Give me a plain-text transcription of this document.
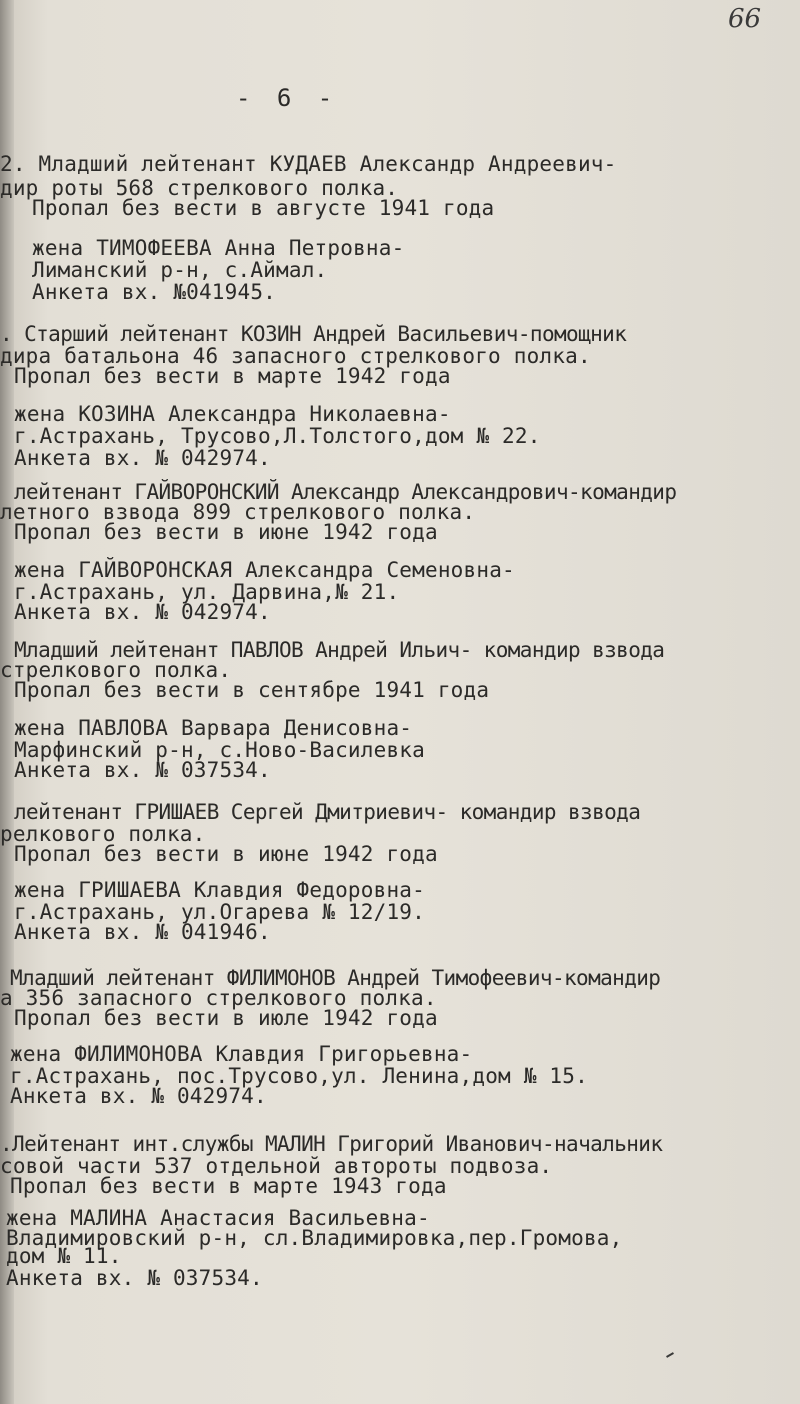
66
- 6 -
2. Младший лейтенант КУДАЕВ Александр Андреевич-
дир роты 568 стрелкового полка.
Пропал без вести в августе 1941 года
жена ТИМОФЕЕВА Анна Петровна-
Лиманский р-н, с.Аймал.
Анкета вх. №041945.
. Старший лейтенант КОЗИН Андрей Васильевич-помощник
дира батальона 46 запасного стрелкового полка.
Пропал без вести в марте 1942 года
жена КОЗИНА Александра Николаевна-
г.Астрахань, Трусово,Л.Толстого,дом № 22.
Анкета вх. № 042974.
лейтенант ГАЙВОРОНСКИЙ Александр Александрович-командир
летного взвода 899 стрелкового полка.
Пропал без вести в июне 1942 года
жена ГАЙВОРОНСКАЯ Александра Семеновна-
г.Астрахань, ул. Дарвина,№ 21.
Анкета вх. № 042974.
Младший лейтенант ПАВЛОВ Андрей Ильич- командир взвода
стрелкового полка.
Пропал без вести в сентябре 1941 года
жена ПАВЛОВА Варвара Денисовна-
Марфинский р-н, с.Ново-Василевка
Анкета вх. № 037534.
лейтенант ГРИШАЕВ Сергей Дмитриевич- командир взвода
релкового полка.
Пропал без вести в июне 1942 года
жена ГРИШАЕВА Клавдия Федоровна-
г.Астрахань, ул.Огарева № 12/19.
Анкета вх. № 041946.
Младший лейтенант ФИЛИМОНОВ Андрей Тимофеевич-командир
а 356 запасного стрелкового полка.
Пропал без вести в июле 1942 года
жена ФИЛИМОНОВА Клавдия Григорьевна-
г.Астрахань, пос.Трусово,ул. Ленина,дом № 15.
Анкета вх. № 042974.
.Лейтенант инт.службы МАЛИН Григорий Иванович-начальник
совой части 537 отдельной автороты подвоза.
Пропал без вести в марте 1943 года
жена МАЛИНА Анастасия Васильевна-
Владимировский р-н, сл.Владимировка,пер.Громова,
дом № 11.
Анкета вх. № 037534.
